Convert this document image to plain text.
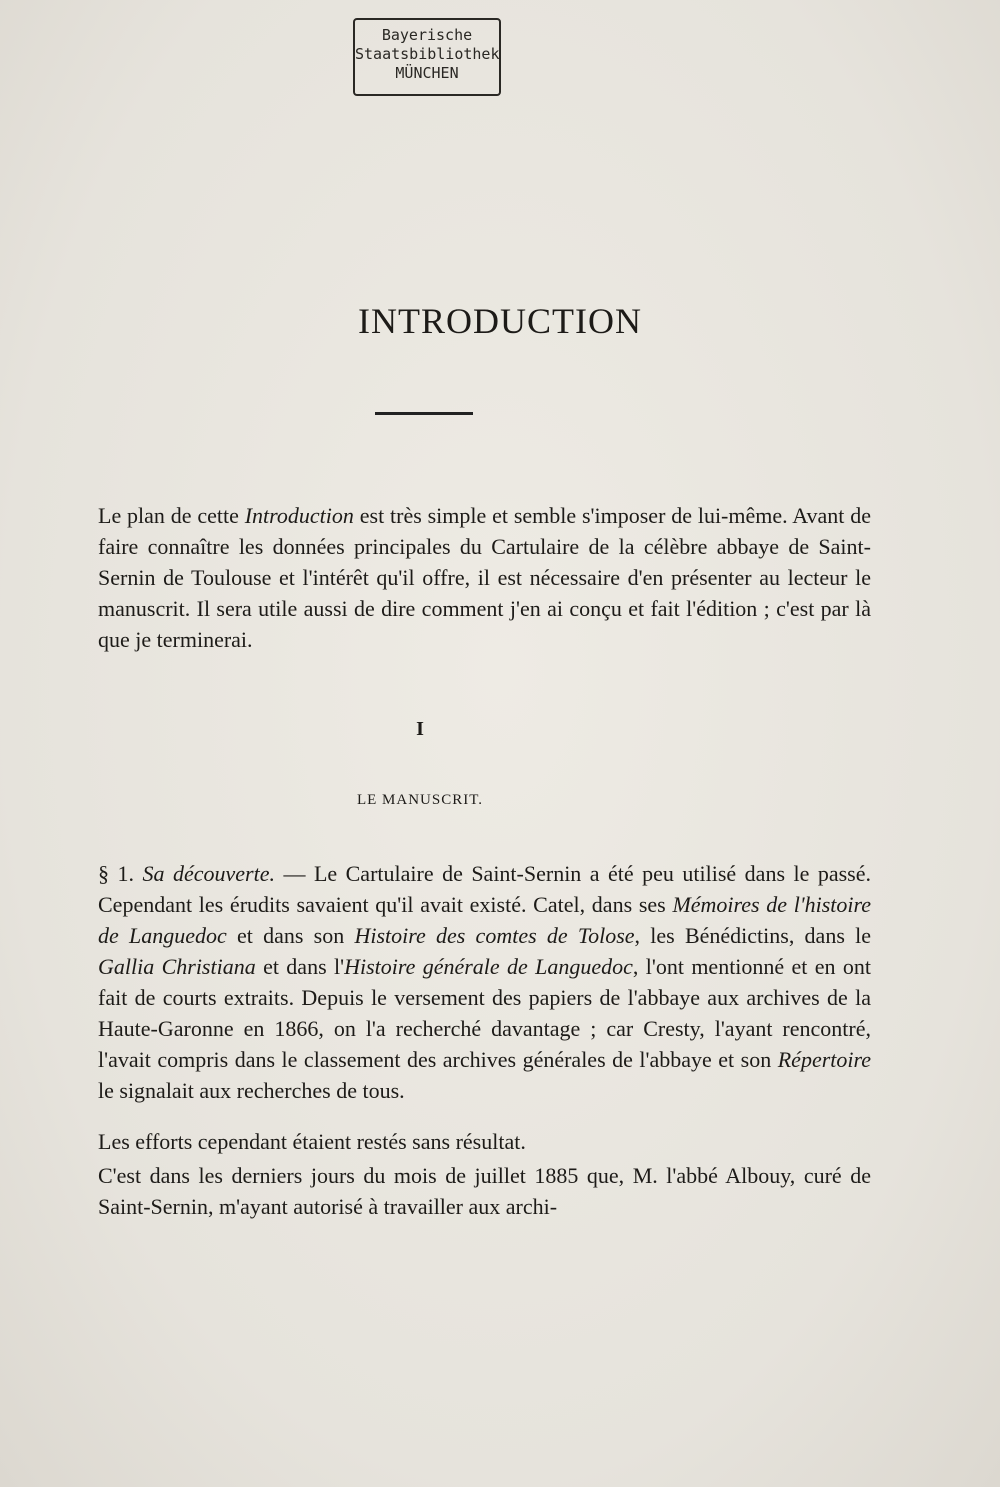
Bayerische
Staatsbibliothek
MÜNCHEN
INTRODUCTION

Le plan de cette Introduction est très simple et semble s'imposer de lui-même. Avant de faire connaître les données principales du Cartulaire de la célèbre abbaye de Saint-Sernin de Toulouse et l'intérêt qu'il offre, il est nécessaire d'en présenter au lecteur le manuscrit. Il sera utile aussi de dire comment j'en ai conçu et fait l'édition ; c'est par là que je terminerai.

I

LE MANUSCRIT.

§ 1. Sa découverte. — Le Cartulaire de Saint-Sernin a été peu utilisé dans le passé. Cependant les érudits savaient qu'il avait existé. Catel, dans ses Mémoires de l'histoire de Languedoc et dans son Histoire des comtes de Tolose, les Bénédictins, dans le Gallia Christiana et dans l'Histoire générale de Languedoc, l'ont mentionné et en ont fait de courts extraits. Depuis le versement des papiers de l'abbaye aux archives de la Haute-Garonne en 1866, on l'a recherché davantage ; car Cresty, l'ayant rencontré, l'avait compris dans le classement des archives générales de l'abbaye et son Répertoire le signalait aux recherches de tous.

Les efforts cependant étaient restés sans résultat.

C'est dans les derniers jours du mois de juillet 1885 que, M. l'abbé Albouy, curé de Saint-Sernin, m'ayant autorisé à travailler aux archi-
